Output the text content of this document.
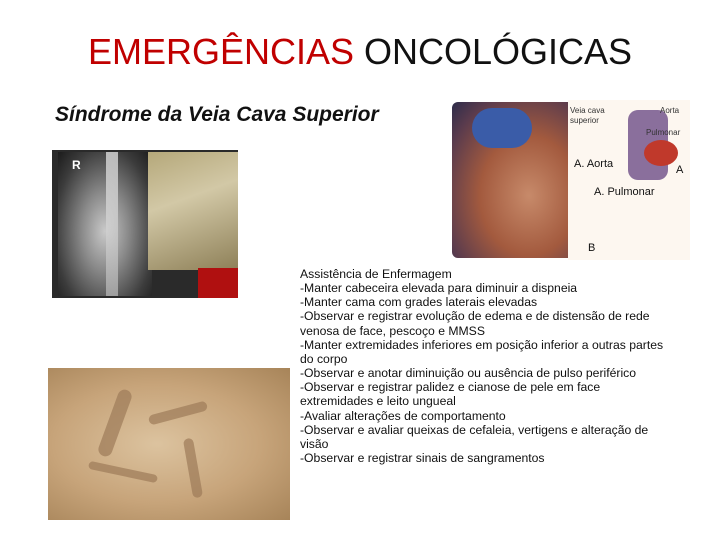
EMERGÊNCIAS ONCOLÓGICAS
Síndrome da Veia Cava Superior
R
Veia cava superior
Aorta
Pulmonar
A
A. Aorta
A. Pulmonar
B
Assistência de Enfermagem
-Manter cabeceira elevada para diminuir a dispneia
-Manter cama com grades laterais elevadas
-Observar e registrar evolução de edema e de distensão de rede
venosa de face, pescoço e MMSS
-Manter extremidades inferiores em posição inferior a outras partes
do corpo
-Observar e anotar diminuição ou ausência de pulso periférico
-Observar e registrar palidez e cianose de pele em face
extremidades e leito ungueal
-Avaliar alterações de comportamento
-Observar e avaliar queixas de cefaleia, vertigens e alteração de
visão
-Observar e registrar sinais de sangramentos
